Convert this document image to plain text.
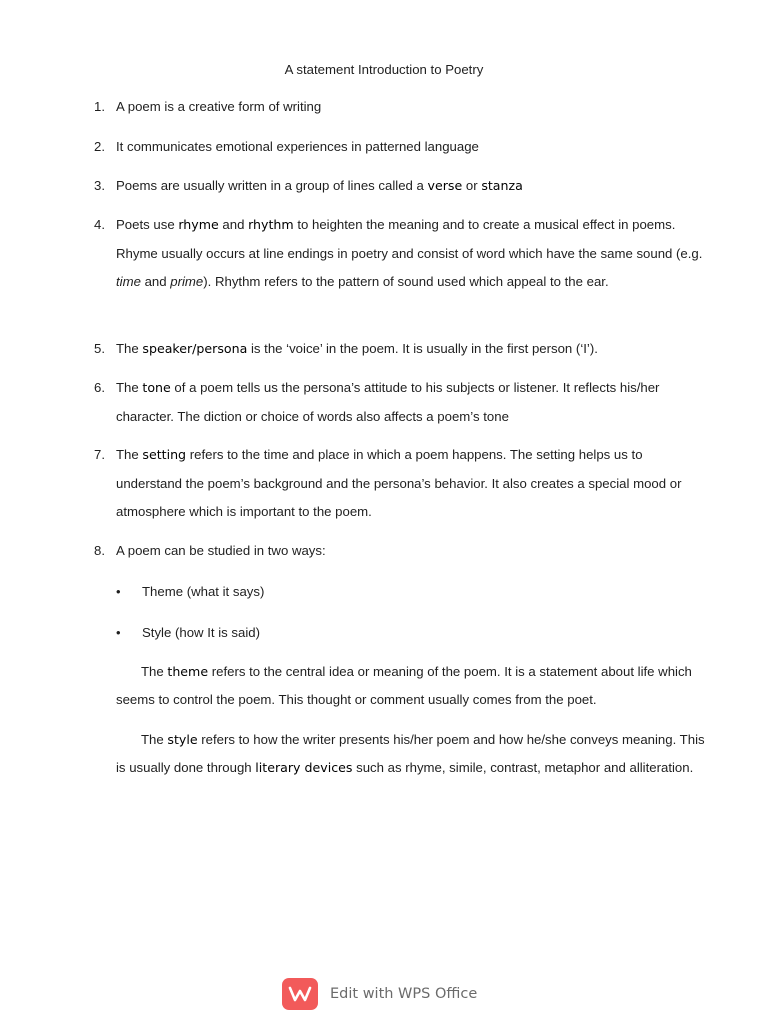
A statement Introduction to Poetry
1. A poem is a creative form of writing
2. It communicates emotional experiences in patterned language
3. Poems are usually written in a group of lines called a verse or stanza
4. Poets use rhyme and rhythm to heighten the meaning and to create a musical effect in poems. Rhyme usually occurs at line endings in poetry and consist of word which have the same sound (e.g. time and prime). Rhythm refers to the pattern of sound used which appeal to the ear.
5. The speaker/persona is the ‘voice’ in the poem. It is usually in the first person (‘I’).
6. The tone of a poem tells us the persona’s attitude to his subjects or listener. It reflects his/her character. The diction or choice of words also affects a poem’s tone
7. The setting refers to the time and place in which a poem happens. The setting helps us to understand the poem’s background and the persona’s behavior. It also creates a special mood or atmosphere which is important to the poem.
8. A poem can be studied in two ways:
• Theme (what it says)
• Style (how It is said)
The theme refers to the central idea or meaning of the poem. It is a statement about life which seems to control the poem. This thought or comment usually comes from the poet.
The style refers to how the writer presents his/her poem and how he/she conveys meaning. This is usually done through literary devices such as rhyme, simile, contrast, metaphor and alliteration.
Edit with WPS Office
